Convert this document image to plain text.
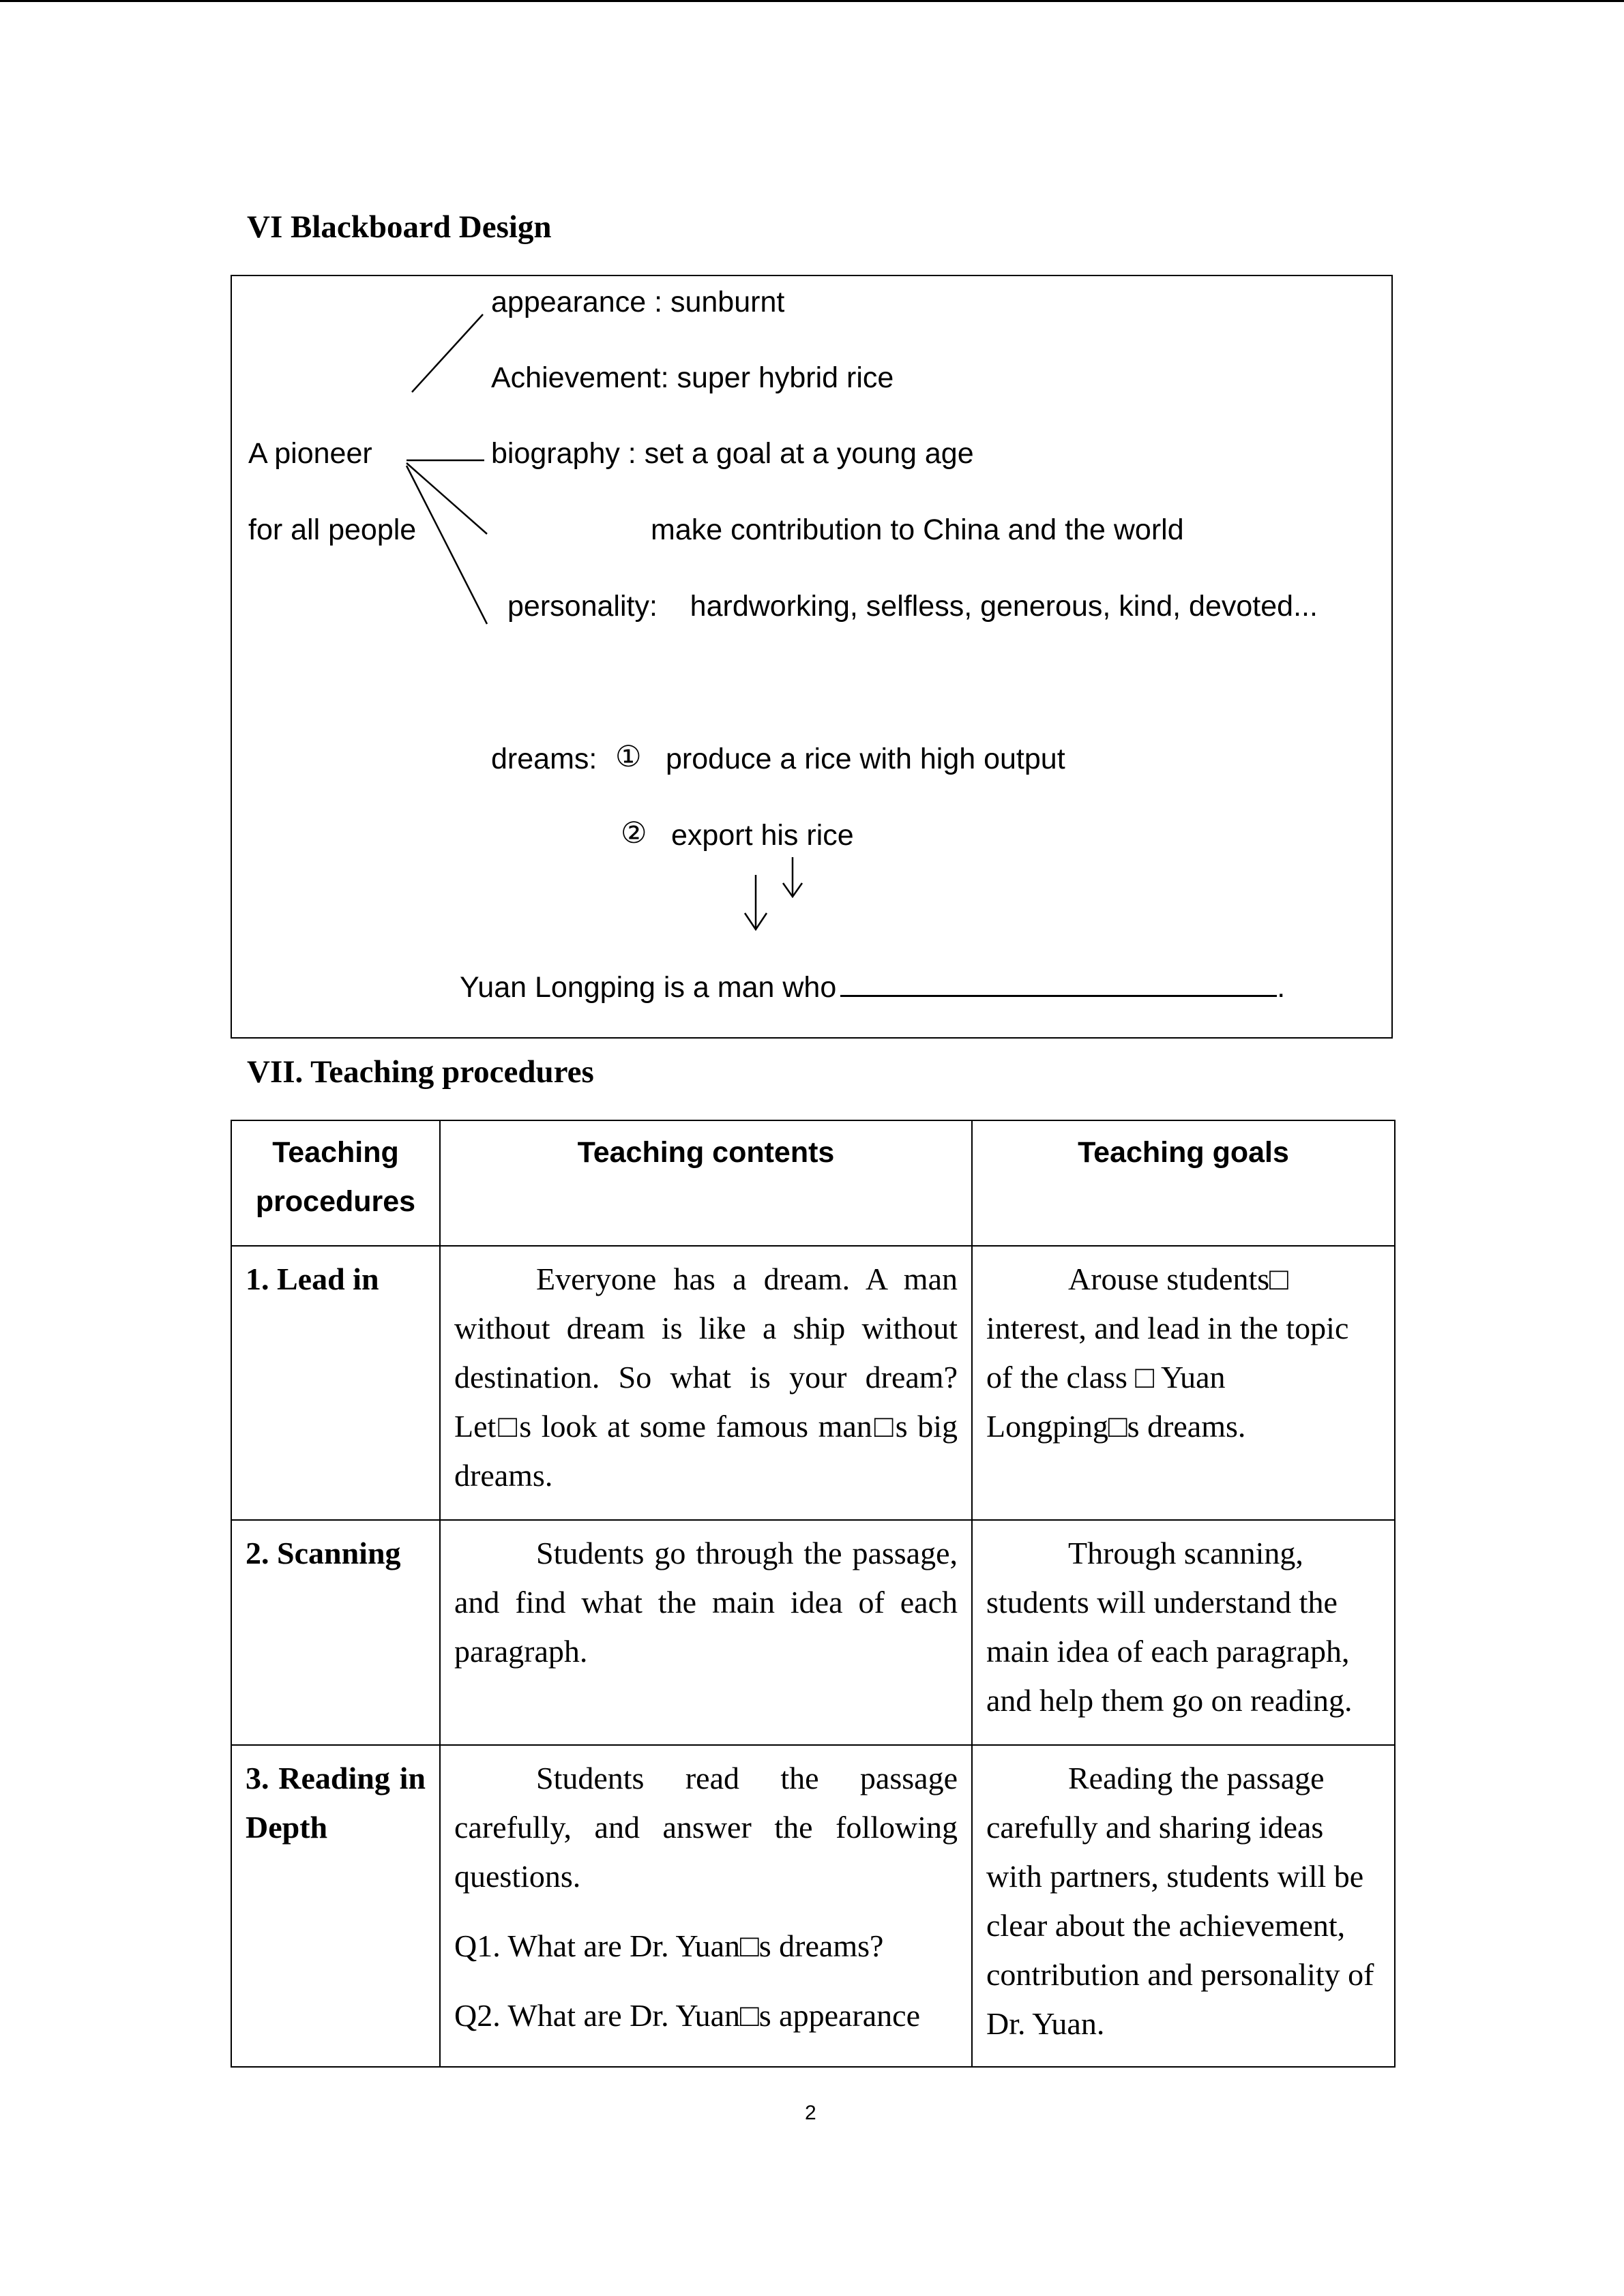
VI Blackboard Design
A pioneer
for all people
appearance : sunburnt
Achievement: super hybrid rice
biography : set a goal at a young age
make contribution to China and the world
personality:    hardworking, selfless, generous, kind, devoted...
dreams: ① produce a rice with high output
② export his rice
Yuan Longping is a man who	.
VII. Teaching procedures
Teaching procedures	Teaching contents	Teaching goals
1. Lead in	Everyone has a dream. A man without dream is like a ship without destination. So what is your dream? Let□s look at some famous man□s big dreams.	Arouse students□ interest, and lead in the topic of the class □ Yuan Longping□s dreams.
2. Scanning	Students go through the passage, and find what the main idea of each paragraph.	Through scanning, students will understand the main idea of each paragraph, and help them go on reading.
3. Reading in Depth	Students read the passage carefully, and answer the following questions.

Q1. What are Dr. Yuan□s dreams?

Q2. What are Dr. Yuan□s appearance	Reading the passage carefully and sharing ideas with partners, students will be clear about the achievement, contribution and personality of Dr. Yuan.
2
